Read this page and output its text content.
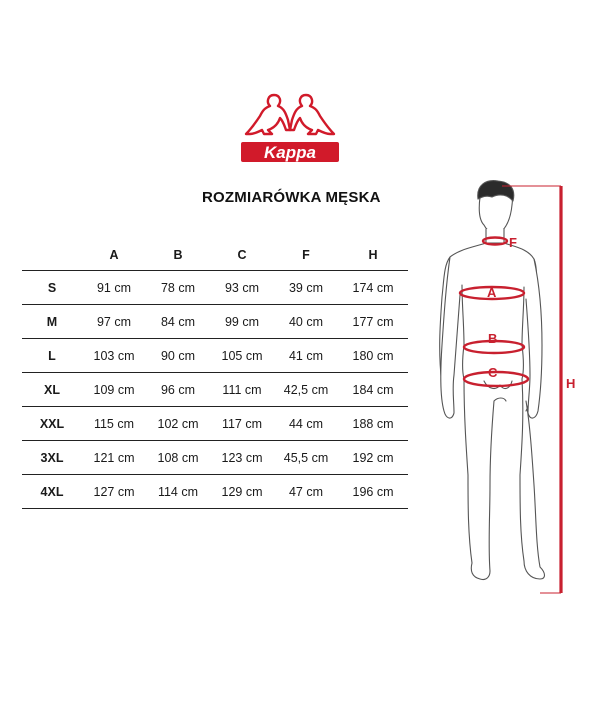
Kappa
ROZMIARÓWKA MĘSKA
	A	B	C	F	H
S	91 cm	78 cm	93 cm	39 cm	174 cm
M	97 cm	84 cm	99 cm	40 cm	177 cm
L	103 cm	90 cm	105 cm	41 cm	180 cm
XL	109 cm	96 cm	111 cm	42,5 cm	184 cm
XXL	115 cm	102 cm	117 cm	44 cm	188 cm
3XL	121 cm	108 cm	123 cm	45,5 cm	192 cm
4XL	127 cm	114 cm	129 cm	47 cm	196 cm
F
A
B
C
H
